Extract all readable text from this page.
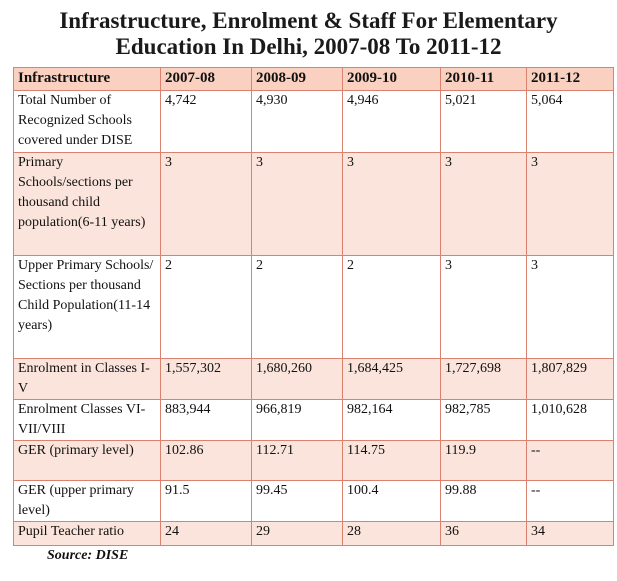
Infrastructure, Enrolment & Staff For Elementary
Education In Delhi, 2007-08 To 2011-12
Infrastructure	2007-08	2008-09	2009-10	2010-11	2011-12
Total Number of Recognized Schools covered under DISE	4,742	4,930	4,946	5,021	5,064
Primary Schools/sections per thousand child population(6-11 years)	3	3	3	3	3
Upper Primary Schools/ Sections per thousand Child Population(11-14 years)	2	2	2	3	3
Enrolment in Classes I-V	1,557,302	1,680,260	1,684,425	1,727,698	1,807,829
Enrolment Classes VI-VII/VIII	883,944	966,819	982,164	982,785	1,010,628
GER (primary level)	102.86	112.71	114.75	119.9	--
GER (upper primary level)	91.5	99.45	100.4	99.88	--
Pupil Teacher ratio	24	29	28	36	34
Source: DISE
